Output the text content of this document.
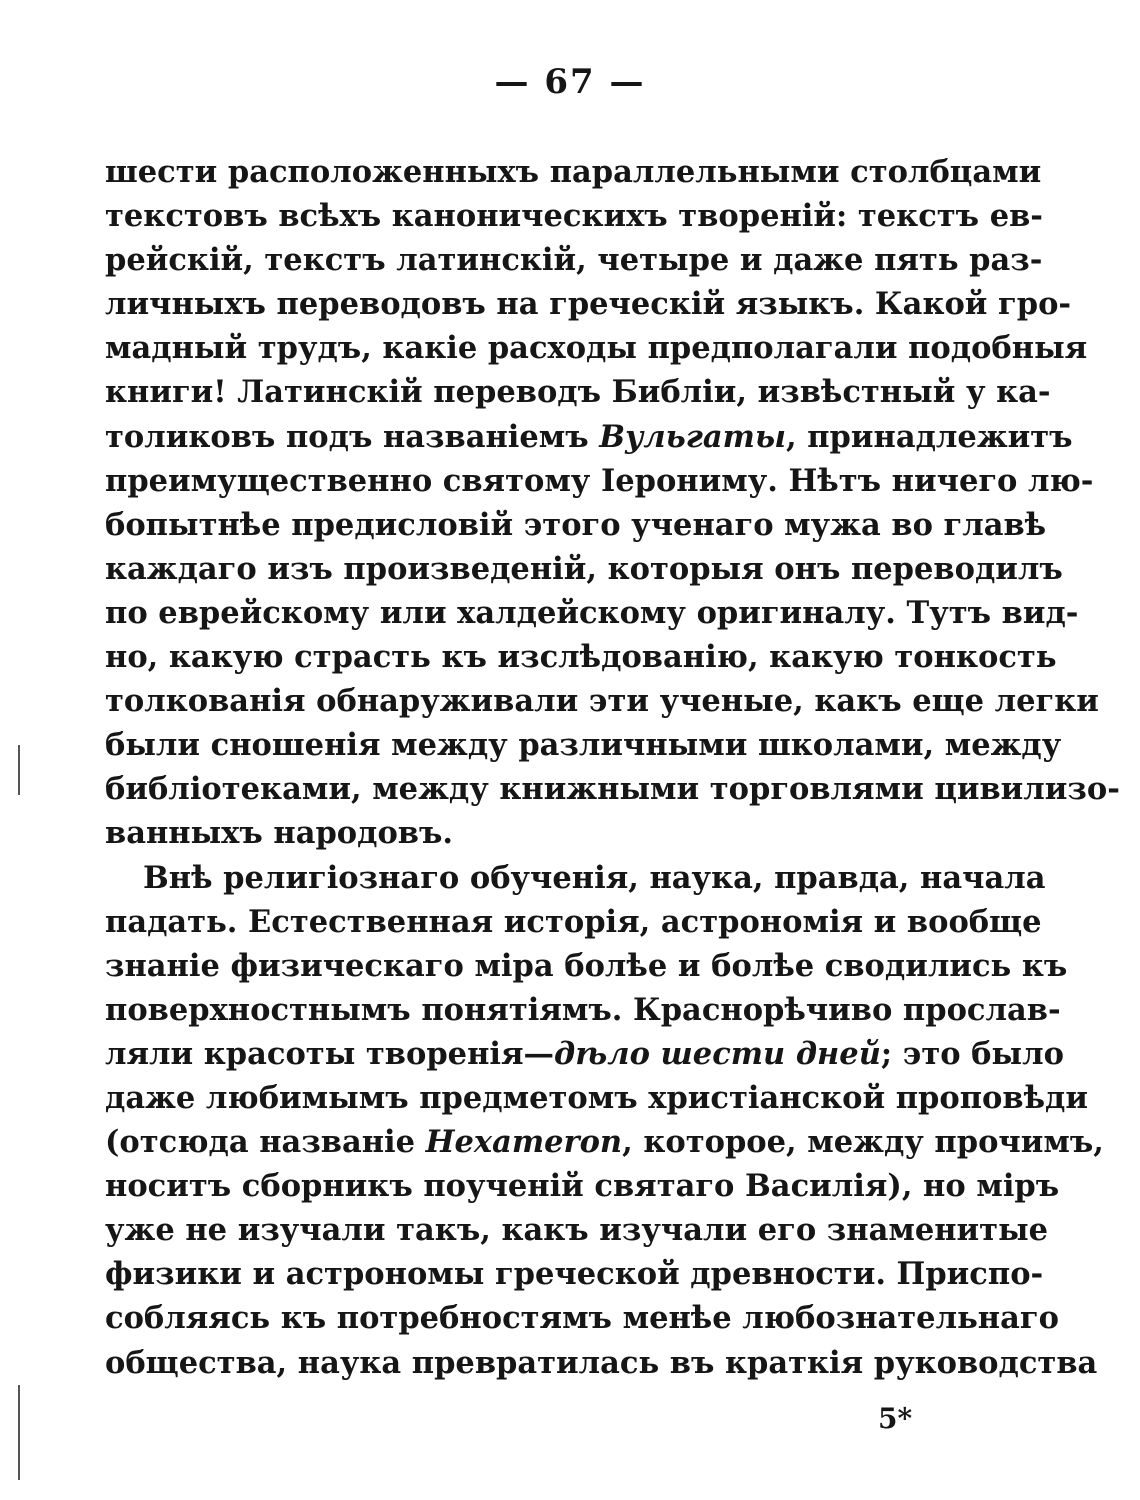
— 67 —
шести расположенныхъ параллельными столбцами
текстовъ всѣхъ каноническихъ твореній: текстъ ев-
рейскій, текстъ латинскій, четыре и даже пять раз-
личныхъ переводовъ на греческій языкъ. Какой гро-
мадный трудъ, какіе расходы предполагали подобныя
книги! Латинскій переводъ Библіи, извѣстный у ка-
толиковъ подъ названіемъ Вульгаты, принадлежитъ
преимущественно святому Іерониму. Нѣтъ ничего лю-
бопытнѣе предисловій этого ученаго мужа во главѣ
каждаго изъ произведеній, которыя онъ переводилъ
по еврейскому или халдейскому оригиналу. Тутъ вид-
но, какую страсть къ изслѣдованію, какую тонкость
толкованія обнаруживали эти ученые, какъ еще легки
были сношенія между различными школами, между
библіотеками, между книжными торговлями цивилизо-
ванныхъ народовъ.
Внѣ религіознаго обученія, наука, правда, начала
падать. Естественная исторія, астрономія и вообще
знаніе физическаго міра болѣе и болѣе сводились къ
поверхностнымъ понятіямъ. Краснорѣчиво прослав-
ляли красоты творенія—дѣло шести дней; это было
даже любимымъ предметомъ христіанской проповѣди
(отсюда названіе Hexameron, которое, между прочимъ,
носитъ сборникъ поученій святаго Василія), но міръ
уже не изучали такъ, какъ изучали его знаменитые
физики и астрономы греческой древности. Приспо-
собляясь къ потребностямъ менѣе любознательнаго
общества, наука превратилась въ краткія руководства
5*
